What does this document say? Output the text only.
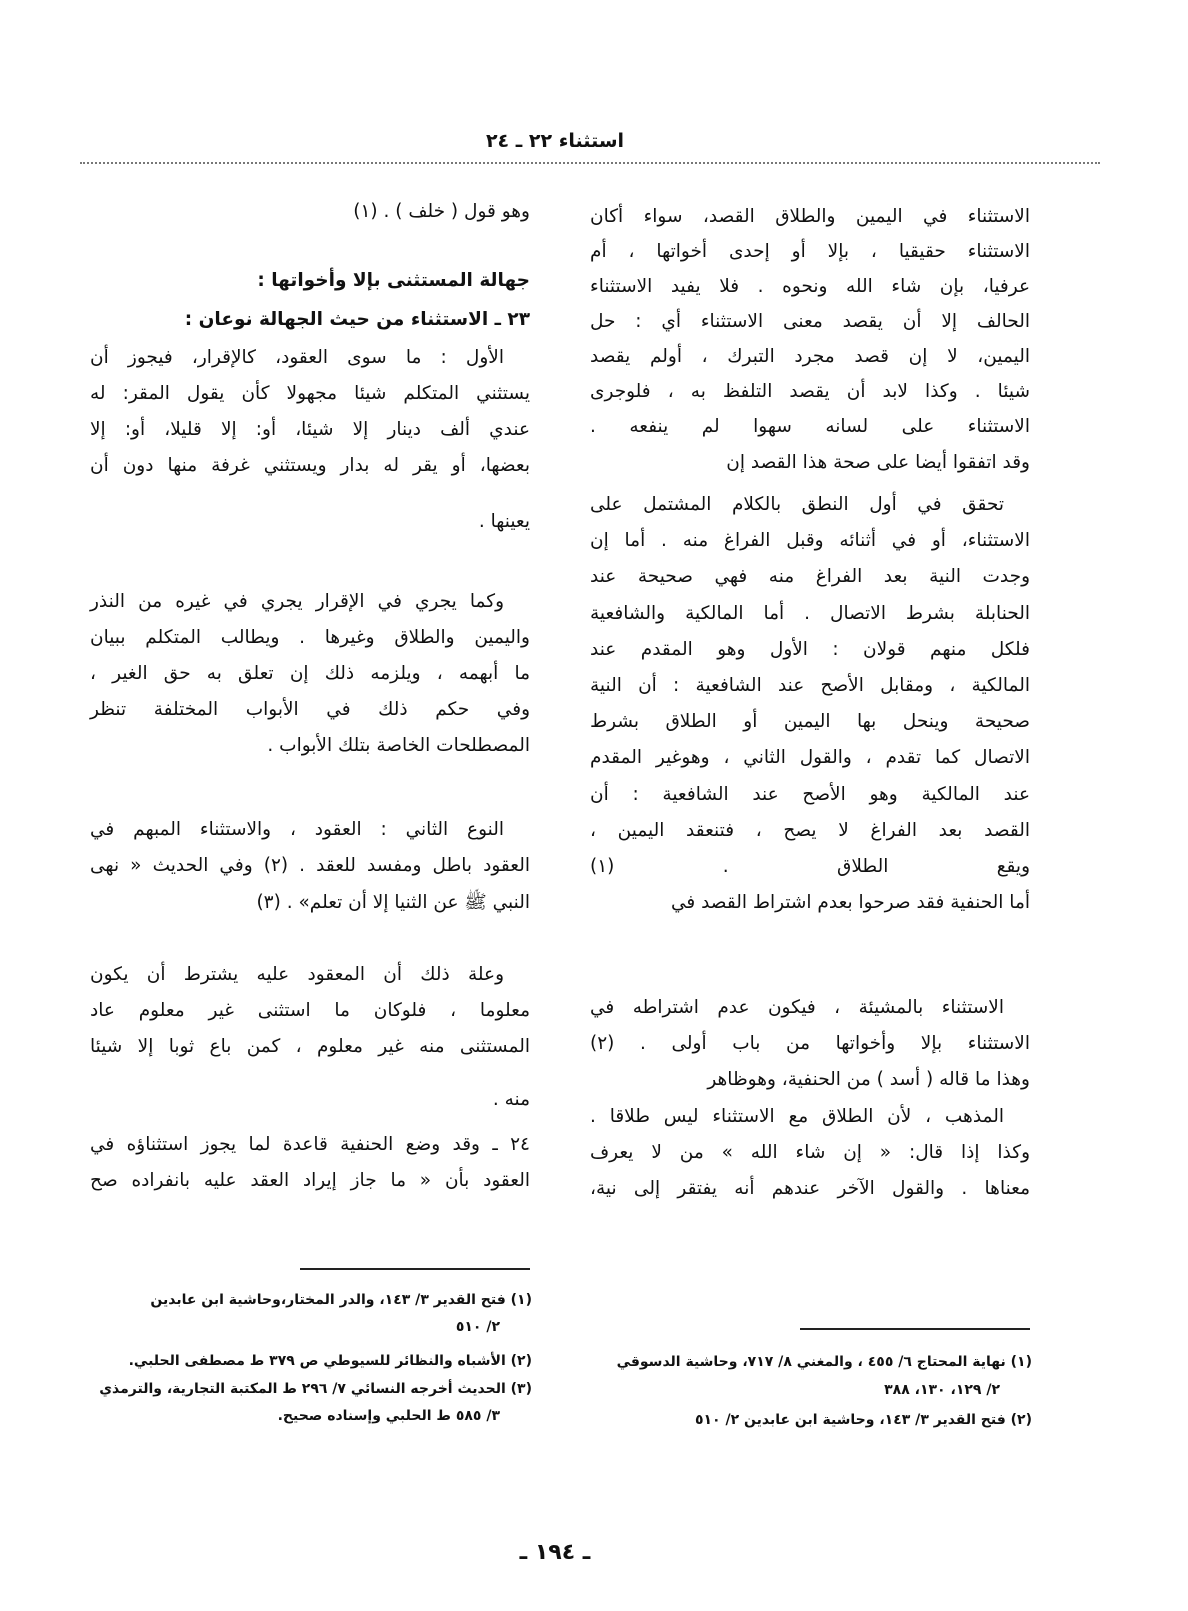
استثناء ٢٢ ـ ٢٤
الاستثناء في اليمين والطلاق القصد، سواء أكان
الاستثناء حقيقيا ، بإلا أو إحدى أخواتها ، أم
عرفيا، بإن شاء الله ونحوه . فلا يفيد الاستثناء
الحالف إلا أن يقصد معنى الاستثناء أي : حل
اليمين، لا إن قصد مجرد التبرك ، أولم يقصد
شيئا . وكذا لابد أن يقصد التلفظ به ، فلوجرى
الاستثناء على لسانه سهوا لم ينفعه .
وقد اتفقوا أيضا على صحة هذا القصد إن
تحقق في أول النطق بالكلام المشتمل على
الاستثناء، أو في أثنائه وقبل الفراغ منه . أما إن
وجدت النية بعد الفراغ منه فهي صحيحة عند
الحنابلة بشرط الاتصال . أما المالكية والشافعية
فلكل منهم قولان : الأول وهو المقدم عند
المالكية ، ومقابل الأصح عند الشافعية : أن النية
صحيحة وينحل بها اليمين أو الطلاق بشرط
الاتصال كما تقدم ، والقول الثاني ، وهوغير المقدم
عند المالكية وهو الأصح عند الشافعية : أن
القصد بعد الفراغ لا يصح ، فتنعقد اليمين ،
ويقع الطلاق . (١)
أما الحنفية فقد صرحوا بعدم اشتراط القصد في
الاستثناء بالمشيئة ، فيكون عدم اشتراطه في
الاستثناء بإلا وأخواتها من باب أولى . (٢)
وهذا ما قاله ( أسد ) من الحنفية، وهوظاهر
المذهب ، لأن الطلاق مع الاستثناء ليس طلاقا .
وكذا إذا قال: « إن شاء الله » من لا يعرف
معناها . والقول الآخر عندهم أنه يفتقر إلى نية،
وهو قول ( خلف ) . (١)
جهالة المستثنى بإلا وأخواتها :
٢٣ ـ الاستثناء من حيث الجهالة نوعان :
الأول : ما سوى العقود، كالإقرار، فيجوز أن
يستثني المتكلم شيئا مجهولا كأن يقول المقر: له
عندي ألف دينار إلا شيئا، أو: إلا قليلا، أو: إلا
بعضها، أو يقر له بدار ويستثني غرفة منها دون أن
يعينها .
وكما يجري في الإقرار يجري في غيره من النذر
واليمين والطلاق وغيرها . ويطالب المتكلم ببيان
ما أبهمه ، ويلزمه ذلك إن تعلق به حق الغير ،
وفي حكم ذلك في الأبواب المختلفة تنظر
المصطلحات الخاصة بتلك الأبواب .
النوع الثاني : العقود ، والاستثناء المبهم في
العقود باطل ومفسد للعقد . (٢) وفي الحديث « نهى
النبي ﷺ عن الثنيا إلا أن تعلم» . (٣)
وعلة ذلك أن المعقود عليه يشترط أن يكون
معلوما ، فلوكان ما استثنى غير معلوم عاد
المستثنى منه غير معلوم ، كمن باع ثوبا إلا شيئا
منه .
٢٤ ـ وقد وضع الحنفية قاعدة لما يجوز استثناؤه في
العقود بأن « ما جاز إيراد العقد عليه بانفراده صح
(١) نهاية المحتاج ٦/ ٤٥٥ ، والمغني ٨/ ٧١٧، وحاشية الدسوقي
٢/ ١٢٩، ١٣٠، ٣٨٨
(٢) فتح القدير ٣/ ١٤٣، وحاشية ابن عابدين ٢/ ٥١٠
(١) فتح القدير ٣/ ١٤٣، والدر المختار،وحاشية ابن عابدين
٢/ ٥١٠
(٢) الأشباه والنظائر للسيوطي ص ٣٧٩ ط مصطفى الحلبي.
(٣) الحديث أخرجه النسائي ٧/ ٢٩٦ ط المكتبة التجارية، والترمذي
٣/ ٥٨٥ ط الحلبي وإسناده صحيح.
ـ ١٩٤ ـ
